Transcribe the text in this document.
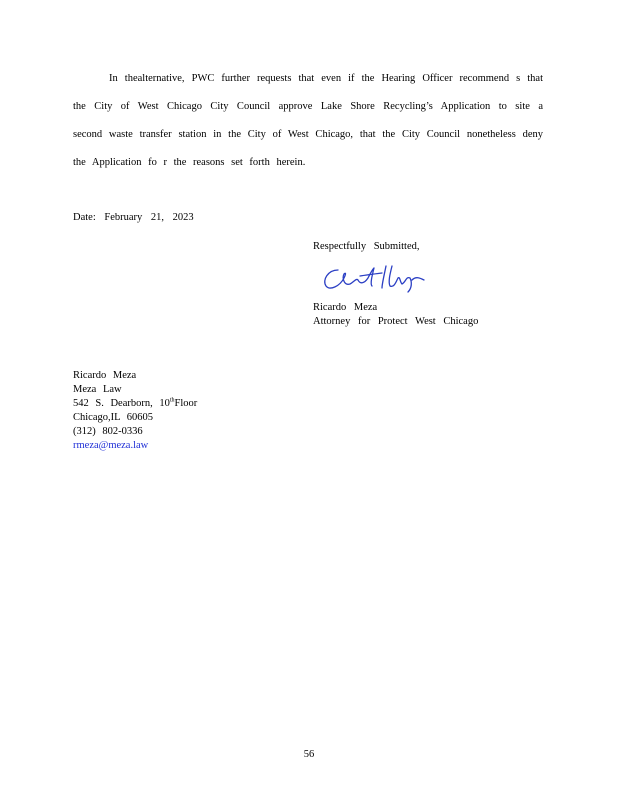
In thealternative, PWC further requests that even if the Hearing Officer recommend s that
the City of West Chicago City Council approve Lake Shore Recycling’s Application to site a
second waste transfer station in the City of West Chicago, that the City Council nonetheless deny
the Application fo r the reasons set forth herein.
Date: February 21, 2023
Respectfully Submitted,
Ricardo Meza
Attorney for Protect West Chicago
Ricardo Meza
Meza Law
542 S. Dearborn, 10thFloor
Chicago,IL 60605
(312) 802-0336
rmeza@meza.law
56
